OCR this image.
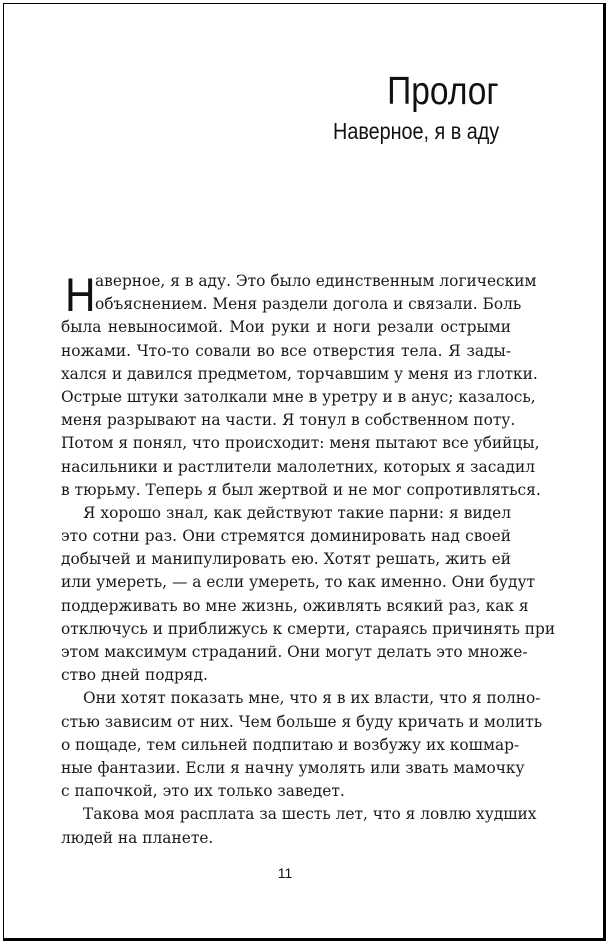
Пролог
Наверное, я в аду
Н аверное, я в аду. Это было единственным логическим
объяснением. Меня раздели догола и связали. Боль
была невыносимой. Мои руки и ноги резали острыми
ножами. Что-то совали во все отверстия тела. Я зады-
хался и давился предметом, торчавшим у меня из глотки.
Острые штуки затолкали мне в уретру и в анус; казалось,
меня разрывают на части. Я тонул в собственном поту.
Потом я понял, что происходит: меня пытают все убийцы,
насильники и растлители малолетних, которых я засадил
в тюрьму. Теперь я был жертвой и не мог сопротивляться.
Я хорошо знал, как действуют такие парни: я видел
это сотни раз. Они стремятся доминировать над своей
добычей и манипулировать ею. Хотят решать, жить ей
или умереть, — а если умереть, то как именно. Они будут
поддерживать во мне жизнь, оживлять всякий раз, как я
отключусь и приближусь к смерти, стараясь причинять при
этом максимум страданий. Они могут делать это множе-
ство дней подряд.
Они хотят показать мне, что я в их власти, что я полно-
стью зависим от них. Чем больше я буду кричать и молить
о пощаде, тем сильней подпитаю и возбужу их кошмар-
ные фантазии. Если я начну умолять или звать мамочку
с папочкой, это их только заведет.
Такова моя расплата за шесть лет, что я ловлю худших
людей на планете.
11
